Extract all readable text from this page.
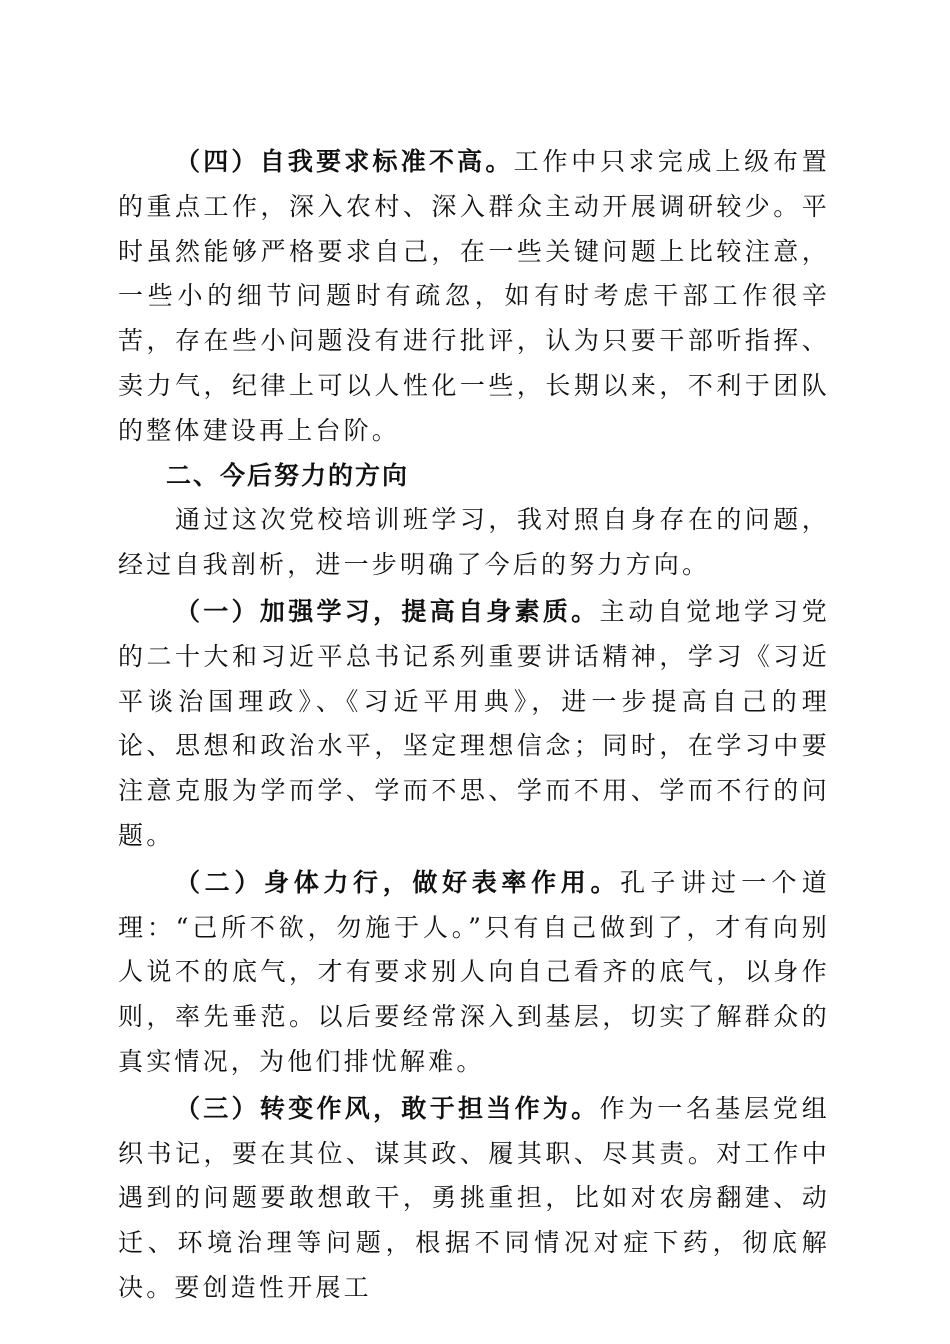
（四）自我要求标准不高。工作中只求完成上级布置的重点工作，深入农村、深入群众主动开展调研较少。平时虽然能够严格要求自己，在一些关键问题上比较注意，一些小的细节问题时有疏忽，如有时考虑干部工作很辛苦，存在些小问题没有进行批评，认为只要干部听指挥、卖力气，纪律上可以人性化一些，长期以来，不利于团队的整体建设再上台阶。

二、今后努力的方向

通过这次党校培训班学习，我对照自身存在的问题，经过自我剖析，进一步明确了今后的努力方向。

（一）加强学习，提高自身素质。主动自觉地学习党的二十大和习近平总书记系列重要讲话精神，学习《习近平谈治国理政》、《习近平用典》，进一步提高自己的理论、思想和政治水平，坚定理想信念；同时，在学习中要注意克服为学而学、学而不思、学而不用、学而不行的问题。

（二）身体力行，做好表率作用。孔子讲过一个道理：“己所不欲，勿施于人。”只有自己做到了，才有向别人说不的底气，才有要求别人向自己看齐的底气，以身作则，率先垂范。以后要经常深入到基层，切实了解群众的真实情况，为他们排忧解难。

（三）转变作风，敢于担当作为。作为一名基层党组织书记，要在其位、谋其政、履其职、尽其责。对工作中遇到的问题要敢想敢干，勇挑重担，比如对农房翻建、动迁、环境治理等问题，根据不同情况对症下药，彻底解决。要创造性开展工
